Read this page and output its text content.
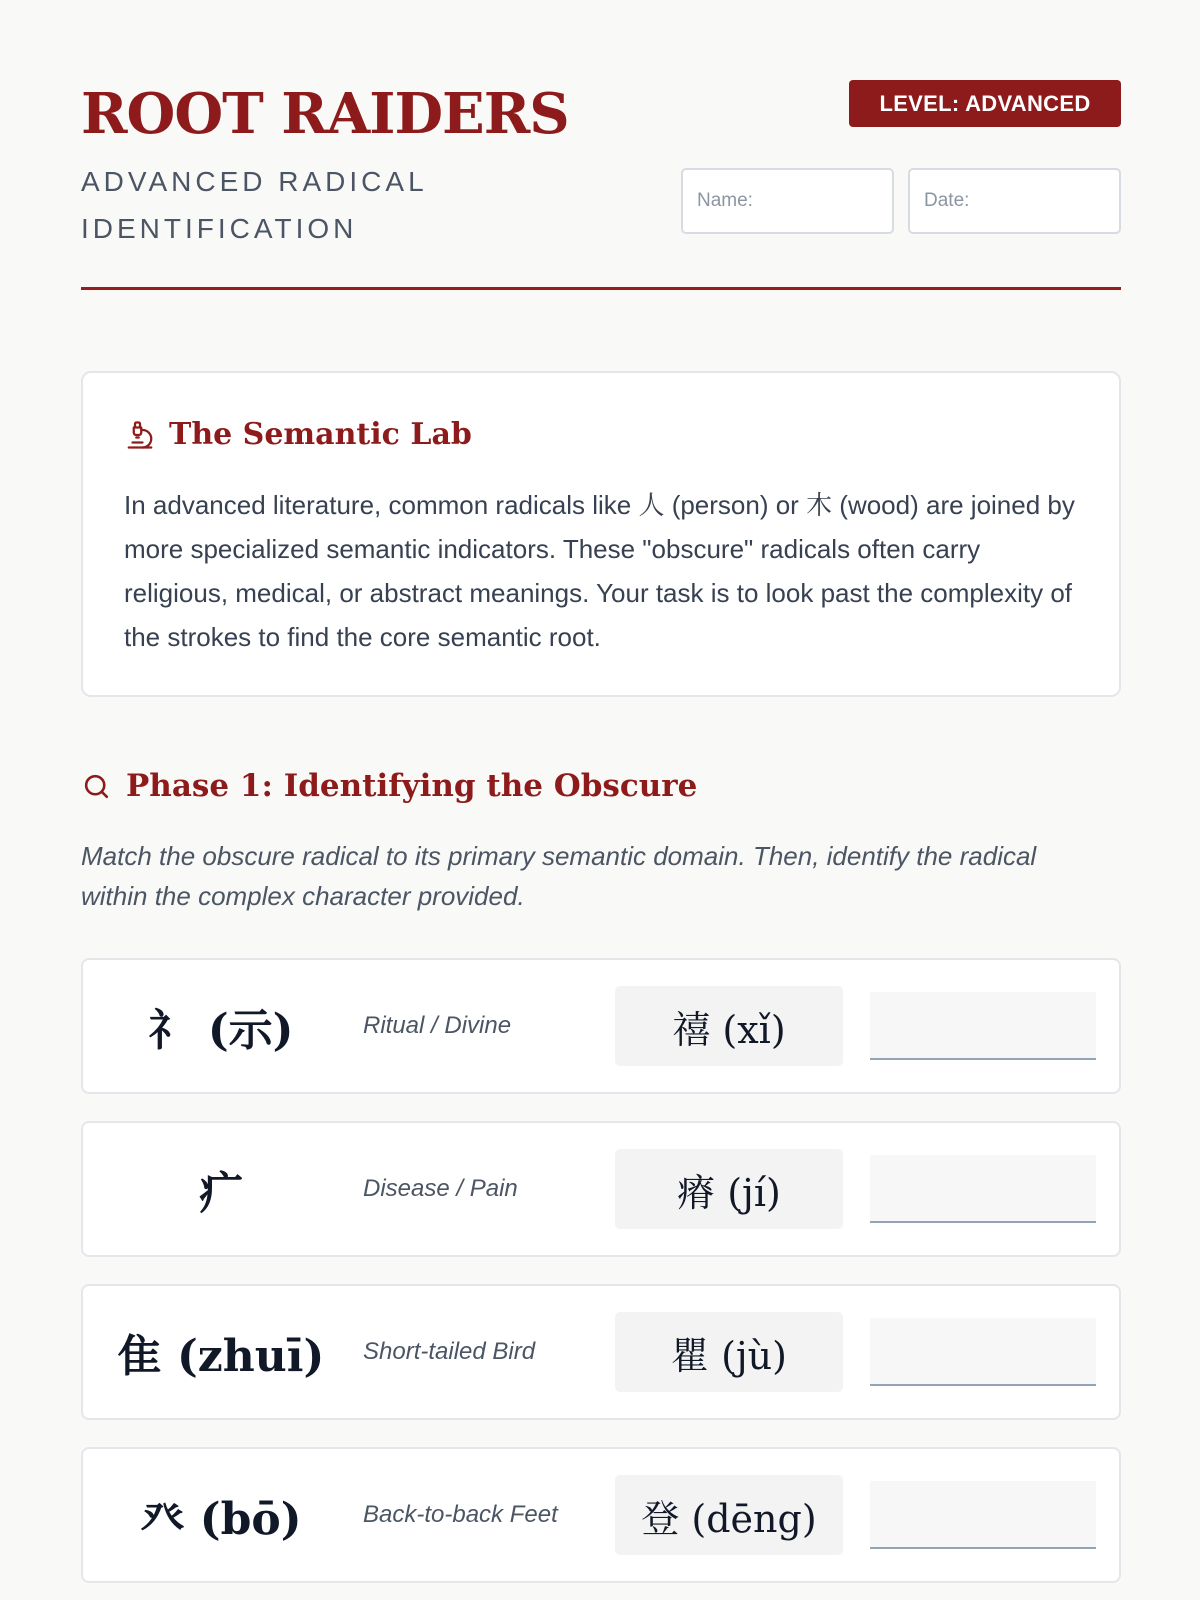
ROOT RAIDERS
ADVANCED RADICAL IDENTIFICATION
LEVEL: ADVANCED
Name:	Date:
The Semantic Lab

In advanced literature, common radicals like 人 (person) or 木 (wood) are joined by more specialized semantic indicators. These "obscure" radicals often carry religious, medical, or abstract meanings. Your task is to look past the complexity of the strokes to find the core semantic root.

Phase 1: Identifying the Obscure
Match the obscure radical to its primary semantic domain. Then, identify the radical within the complex character provided.
礻 (示)	Ritual / Divine	禧 (xǐ)
疒	Disease / Pain	瘠 (jí)
隹 (zhuī)	Short-tailed Bird	瞿 (jù)
癶 (bō)	Back-to-back Feet	登 (dēng)
